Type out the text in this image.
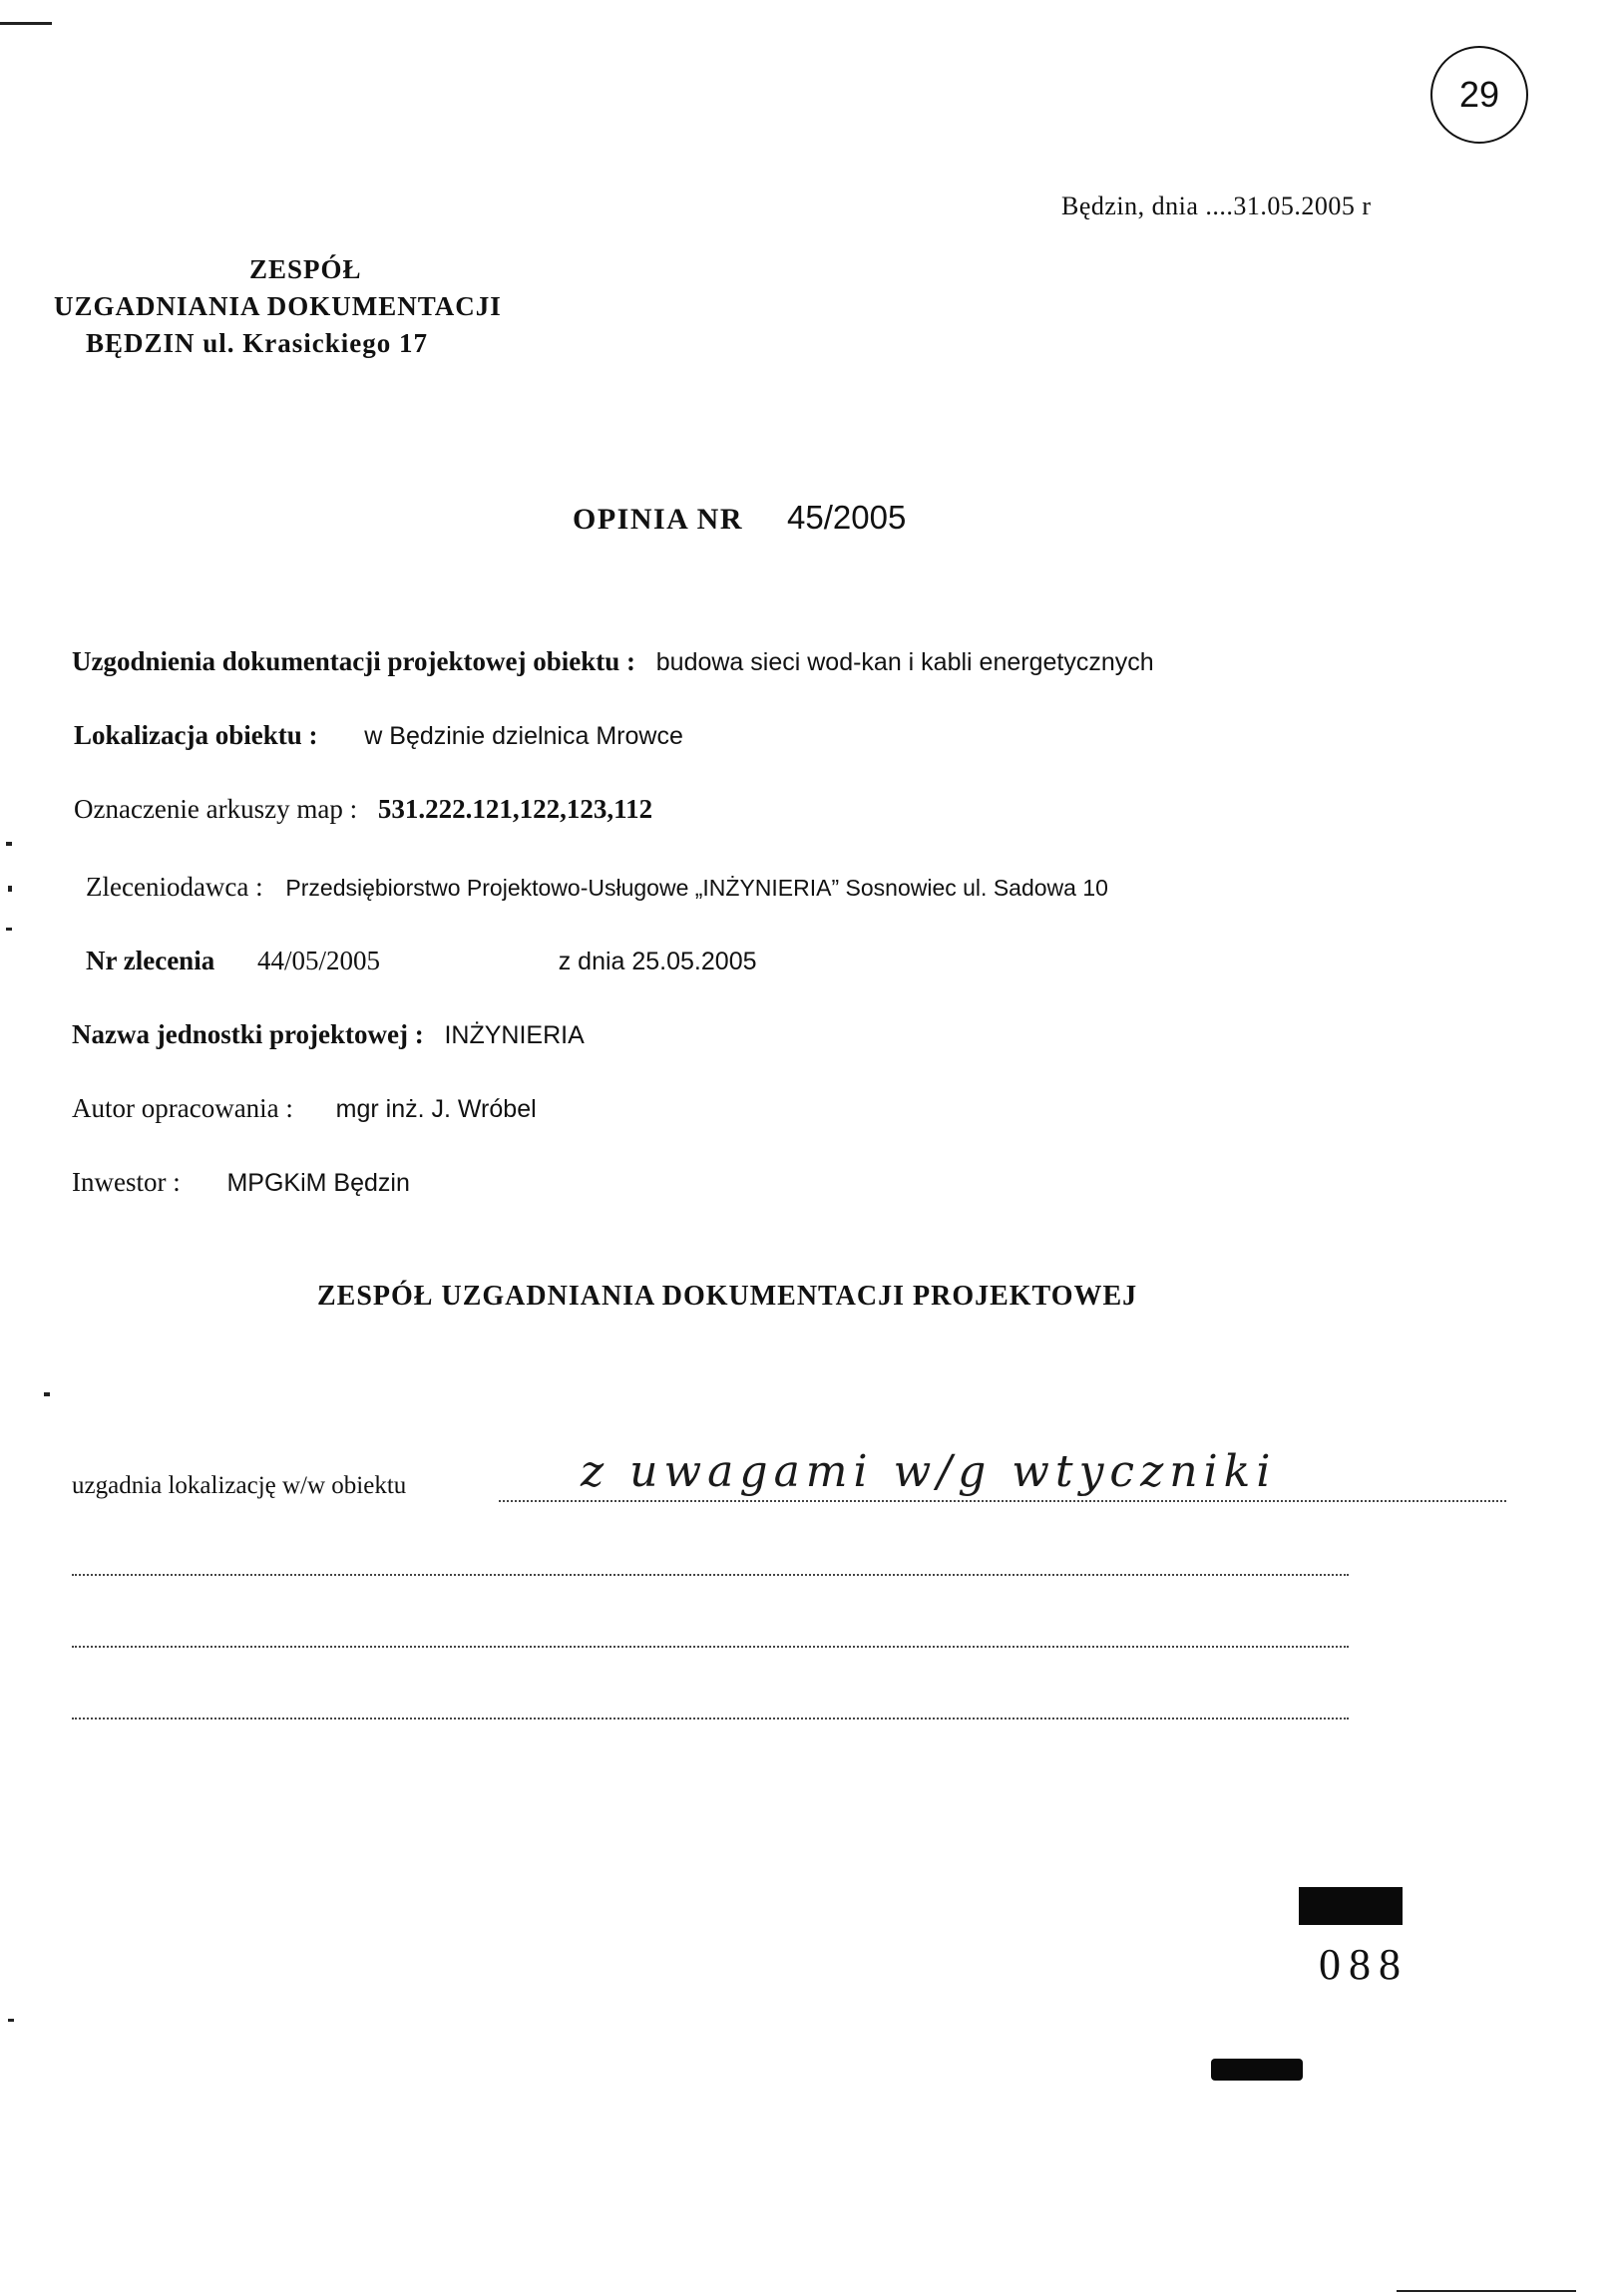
29
Będzin, dnia ....31.05.2005 r
ZESPÓŁ
UZGADNIANIA DOKUMENTACJI
BĘDZIN ul. Krasickiego 17
OPINIA NR 45/2005
Uzgodnienia dokumentacji projektowej obiektu : budowa sieci wod-kan i kabli energetycznych
Lokalizacja obiektu : w Będzinie dzielnica Mrowce
Oznaczenie arkuszy map : 531.222.121,122,123,112
Zleceniodawca : Przedsiębiorstwo Projektowo-Usługowe „INŻYNIERIA” Sosnowiec ul. Sadowa 10
Nr zlecenia 44/05/2005	z dnia 25.05.2005
Nazwa jednostki projektowej : INŻYNIERIA
Autor opracowania : mgr inż. J. Wróbel
Inwestor : MPGKiM Będzin
ZESPÓŁ UZGADNIANIA DOKUMENTACJI PROJEKTOWEJ
uzgadnia lokalizację w/w obiektu	z uwagami w/g wtyczniki
088
